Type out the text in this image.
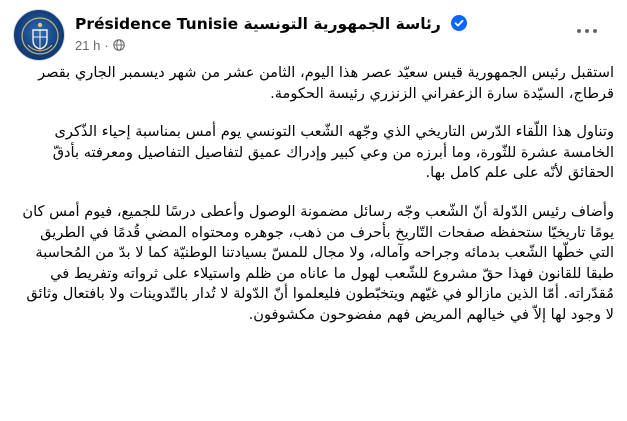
Présidence Tunisie رئاسة الجمهورية التونسية
21 h ·

استقبل رئيس الجمهورية قيس سعيّد عصر هذا اليوم، الثامن عشر من شهر ديسمبر الجاري بقصر قرطاج، السيّدة سارة الزعفراني الزنزري رئيسة الحكومة.

وتناول هذا اللّقاء الدّرس التاريخي الذي وجّهه الشّعب التونسي يوم أمس بمناسبة إحياء الذّكرى الخامسة عشرة للثّورة، وما أبرزه من وعي كبير وإدراك عميق لتفاصيل التفاصيل ومعرفته بأدقّ الحقائق لأنّه على علم كامل بها.

وأضاف رئيس الدّولة أنّ الشّعب وجّه رسائل مضمونة الوصول وأعطى درسًا للجميع، فيوم أمس كان يومًا تاريخيّا ستحفظه صفحات التّاريخ بأحرف من ذهب، جوهره ومحتواه المضي قُدمًا في الطريق التي خطّها الشّعب بدمائه وجراحه وآماله، ولا مجال للمسّ بسيادتنا الوطنيّة كما لا بدّ من المُحاسبة طبقا للقانون فهذا حقّ مشروع للشّعب لهول ما عاناه من ظلم واستيلاء على ثرواته وتفريط في مُقدّراته. أمّا الذين مازالو في غيّهم ويتخبّطون فليعلموا أنّ الدّولة لا تُدار بالتّدوينات ولا بافتعال وثائق لا وجود لها إلاّ في خيالهم المريض فهم مفضوحون مكشوفون.
